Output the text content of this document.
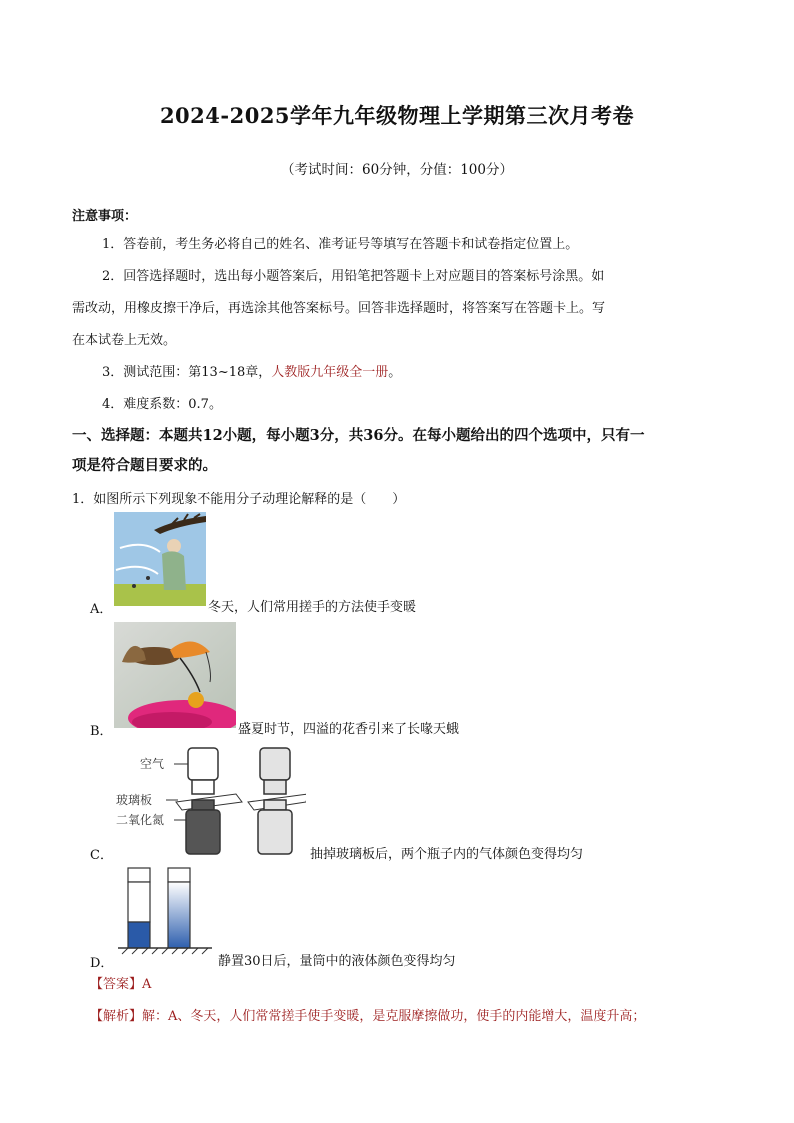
2024-2025学年九年级物理上学期第三次月考卷
（考试时间：60分钟，分值：100分）
注意事项：
1．答卷前，考生务必将自己的姓名、准考证号等填写在答题卡和试卷指定位置上。
2．回答选择题时，选出每小题答案后，用铅笔把答题卡上对应题目的答案标号涂黑。如
需改动，用橡皮擦干净后，再选涂其他答案标号。回答非选择题时，将答案写在答题卡上。写
在本试卷上无效。
3．测试范围：第13~18章，人教版九年级全一册。
4．难度系数：0.7。
一、选择题：本题共12小题，每小题3分，共36分。在每小题给出的四个选项中，只有一
项是符合题目要求的。
1．如图所示下列现象不能用分子动理论解释的是（　　）
A．	冬天，人们常用搓手的方法使手变暖
B．	盛夏时节，四溢的花香引来了长喙天蛾
空气
玻璃板
二氧化氮
C．	抽掉玻璃板后，两个瓶子内的气体颜色变得均匀
D．	静置30日后，量筒中的液体颜色变得均匀
【答案】A
【解析】解：A、冬天，人们常常搓手使手变暖，是克服摩擦做功，使手的内能增大，温度升高；
